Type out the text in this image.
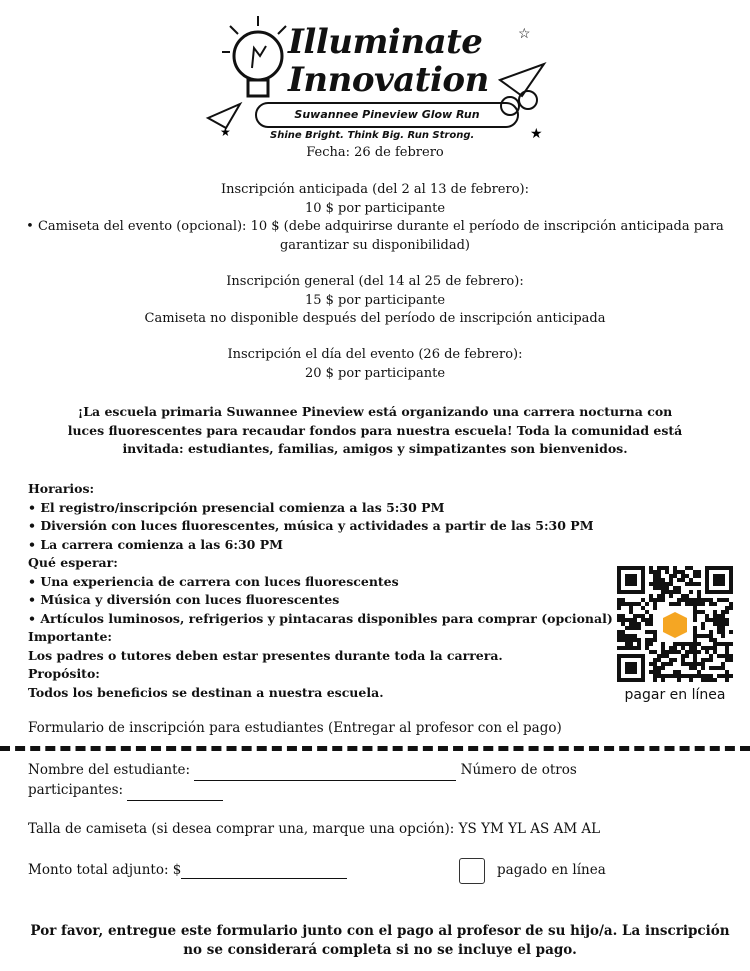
☆
★
★
Illuminate
Innovation
Suwannee Pineview Glow Run
Shine Bright. Think Big. Run Strong.
Fecha: 26 de febrero
Inscripción anticipada (del 2 al 13 de febrero):
10 $ por participante
• Camiseta del evento (opcional): 10 $ (debe adquirirse durante el período de inscripción anticipada para garantizar su disponibilidad)
Inscripción general (del 14 al 25 de febrero):
15 $ por participante
Camiseta no disponible después del período de inscripción anticipada
Inscripción el día del evento (26 de febrero):
20 $ por participante
¡La escuela primaria Suwannee Pineview está organizando una carrera nocturna con luces fluorescentes para recaudar fondos para nuestra escuela! Toda la comunidad está invitada: estudiantes, familias, amigos y simpatizantes son bienvenidos.
Horarios:
• El registro/inscripción presencial comienza a las 5:30 PM
• Diversión con luces fluorescentes, música y actividades a partir de las 5:30 PM
• La carrera comienza a las 6:30 PM
Qué esperar:
• Una experiencia de carrera con luces fluorescentes
• Música y diversión con luces fluorescentes
• Artículos luminosos, refrigerios y pintacaras disponibles para comprar (opcional)
Importante:
Los padres o tutores deben estar presentes durante toda la carrera.
Propósito:
Todos los beneficios se destinan a nuestra escuela.	pagar en línea
Formulario de inscripción para estudiantes (Entregar al profesor con el pago)
Nombre del estudiante:	Número de otros participantes:
Talla de camiseta (si desea comprar una, marque una opción): YS YM YL AS AM AL
Monto total adjunto: $	pagado en línea
Por favor, entregue este formulario junto con el pago al profesor de su hijo/a. La inscripción no se considerará completa si no se incluye el pago.
